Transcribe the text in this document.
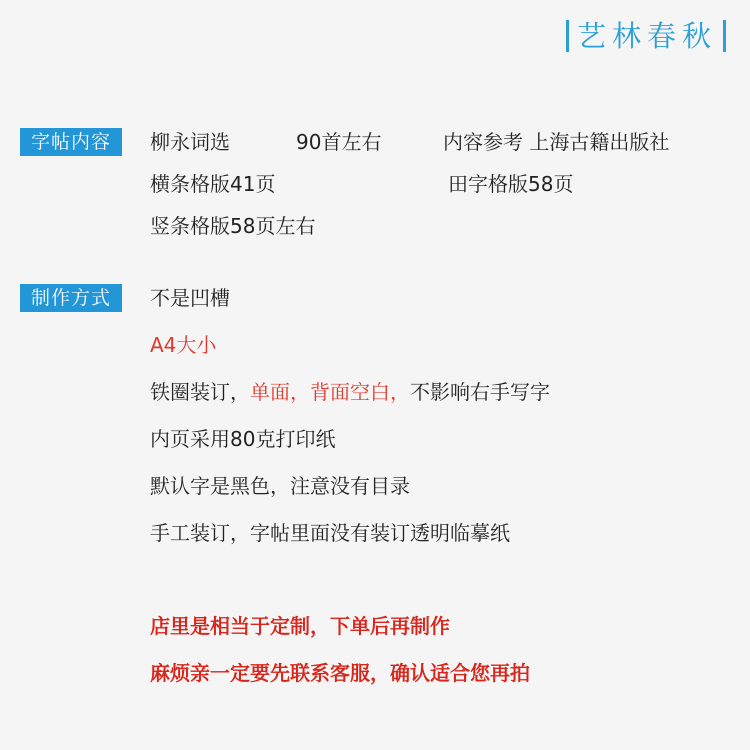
艺林春秋
字帖内容	柳永词选	90首左右	内容参考 上海古籍出版社
横条格版41页	田字格版58页
竖条格版58页左右
制作方式	不是凹槽
A4大小
铁圈装订，单面，背面空白，不影响右手写字
内页采用80克打印纸
默认字是黑色，注意没有目录
手工装订，字帖里面没有装订透明临摹纸
店里是相当于定制，下单后再制作
麻烦亲一定要先联系客服，确认适合您再拍
